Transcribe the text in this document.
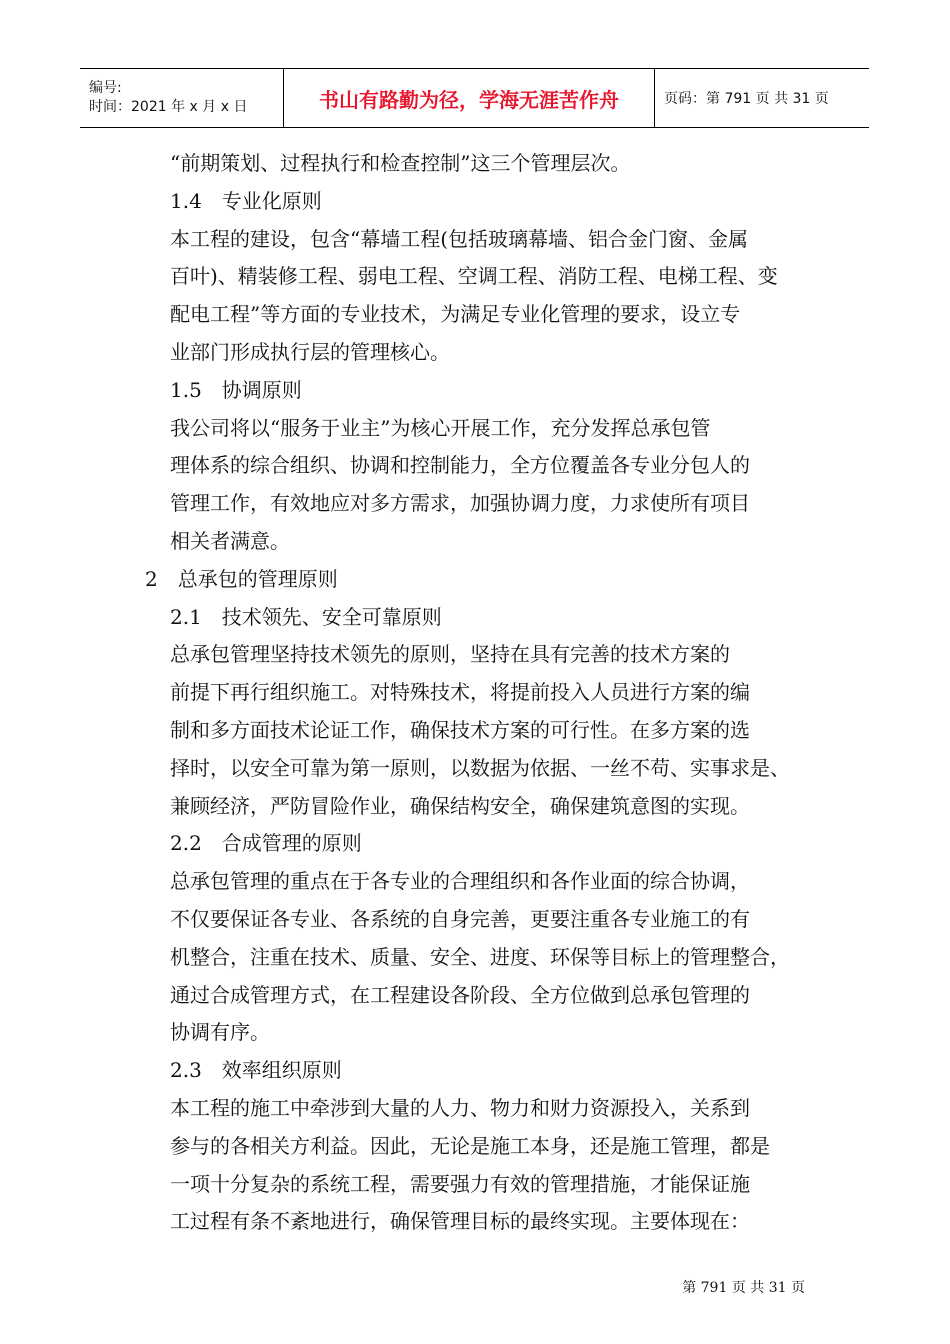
编号:
时间：2021 年 x 月 x 日	书山有路勤为径，学海无涯苦作舟	页码：第 791 页 共 31 页
“前期策划、过程执行和检查控制”这三个管理层次。
1.4　专业化原则
本工程的建设，包含“幕墙工程(包括玻璃幕墙、铝合金门窗、金属
百叶)、精装修工程、弱电工程、空调工程、消防工程、电梯工程、变
配电工程”等方面的专业技术，为满足专业化管理的要求，设立专
业部门形成执行层的管理核心。
1.5　协调原则
我公司将以“服务于业主”为核心开展工作，充分发挥总承包管
理体系的综合组织、协调和控制能力，全方位覆盖各专业分包人的
管理工作，有效地应对多方需求，加强协调力度，力求使所有项目
相关者满意。
2　总承包的管理原则
2.1　技术领先、安全可靠原则
总承包管理坚持技术领先的原则，坚持在具有完善的技术方案的
前提下再行组织施工。对特殊技术，将提前投入人员进行方案的编
制和多方面技术论证工作，确保技术方案的可行性。在多方案的选
择时，以安全可靠为第一原则，以数据为依据、一丝不苟、实事求是、
兼顾经济，严防冒险作业，确保结构安全，确保建筑意图的实现。
2.2　合成管理的原则
总承包管理的重点在于各专业的合理组织和各作业面的综合协调，
不仅要保证各专业、各系统的自身完善，更要注重各专业施工的有
机整合，注重在技术、质量、安全、进度、环保等目标上的管理整合，
通过合成管理方式，在工程建设各阶段、全方位做到总承包管理的
协调有序。
2.3　效率组织原则
本工程的施工中牵涉到大量的人力、物力和财力资源投入，关系到
参与的各相关方利益。因此，无论是施工本身，还是施工管理，都是
一项十分复杂的系统工程，需要强力有效的管理措施，才能保证施
工过程有条不紊地进行，确保管理目标的最终实现。主要体现在：
第 791 页 共 31 页
